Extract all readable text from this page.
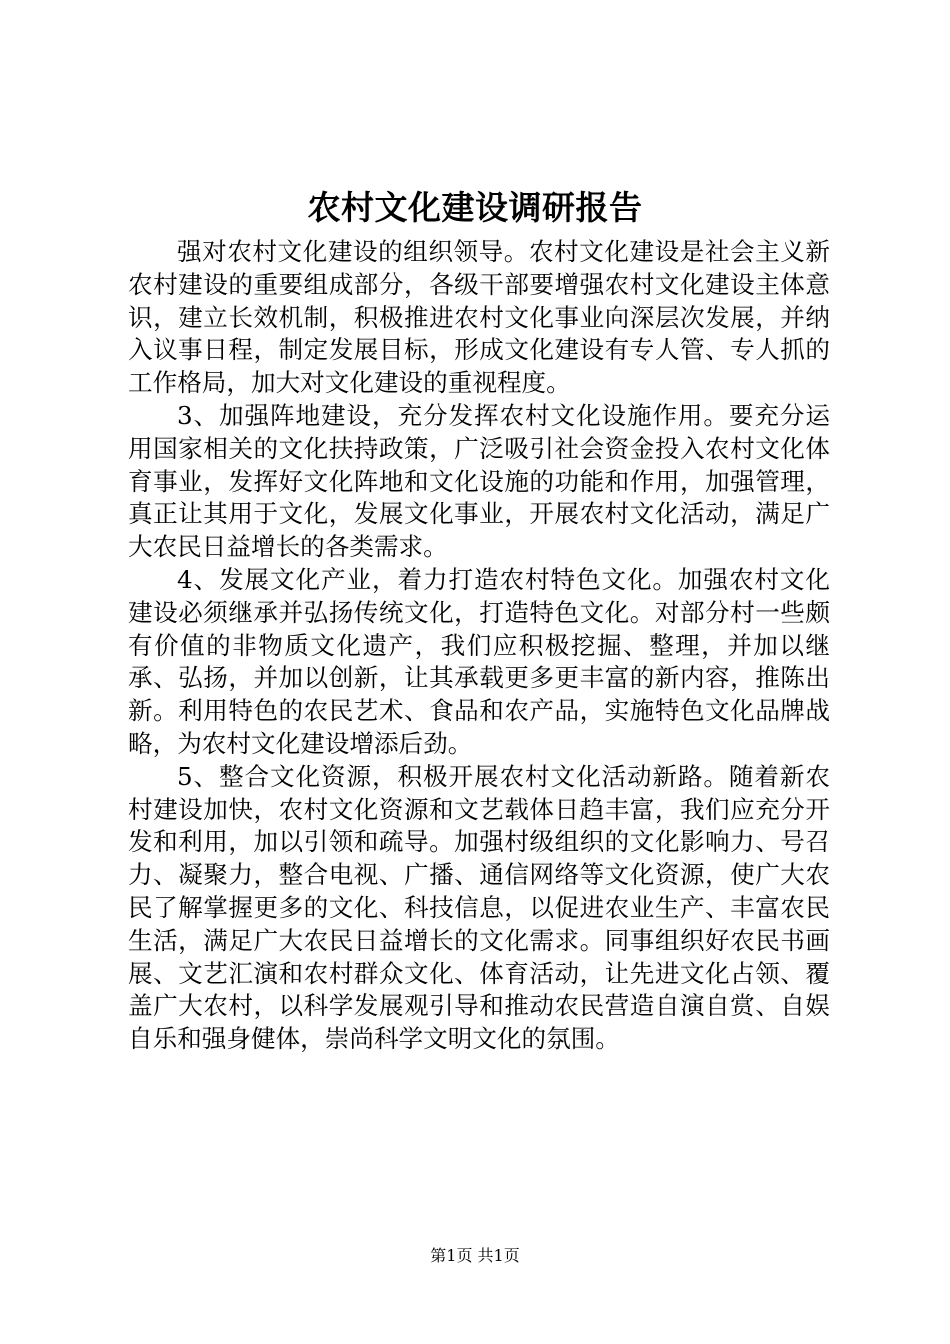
农村文化建设调研报告

强对农村文化建设的组织领导。农村文化建设是社会主义新农村建设的重要组成部分，各级干部要增强农村文化建设主体意识，建立长效机制，积极推进农村文化事业向深层次发展，并纳入议事日程，制定发展目标，形成文化建设有专人管、专人抓的工作格局，加大对文化建设的重视程度。

3、加强阵地建设，充分发挥农村文化设施作用。要充分运用国家相关的文化扶持政策，广泛吸引社会资金投入农村文化体育事业，发挥好文化阵地和文化设施的功能和作用，加强管理，真正让其用于文化，发展文化事业，开展农村文化活动，满足广大农民日益增长的各类需求。

4、发展文化产业，着力打造农村特色文化。加强农村文化建设必须继承并弘扬传统文化，打造特色文化。对部分村一些颇有价值的非物质文化遗产，我们应积极挖掘、整理，并加以继承、弘扬，并加以创新，让其承载更多更丰富的新内容，推陈出新。利用特色的农民艺术、食品和农产品，实施特色文化品牌战略，为农村文化建设增添后劲。

5、整合文化资源，积极开展农村文化活动新路。随着新农村建设加快，农村文化资源和文艺载体日趋丰富，我们应充分开发和利用，加以引领和疏导。加强村级组织的文化影响力、号召力、凝聚力，整合电视、广播、通信网络等文化资源，使广大农民了解掌握更多的文化、科技信息，以促进农业生产、丰富农民生活，满足广大农民日益增长的文化需求。同事组织好农民书画展、文艺汇演和农村群众文化、体育活动，让先进文化占领、覆盖广大农村，以科学发展观引导和推动农民营造自演自赏、自娱自乐和强身健体，崇尚科学文明文化的氛围。

第1页 共1页
